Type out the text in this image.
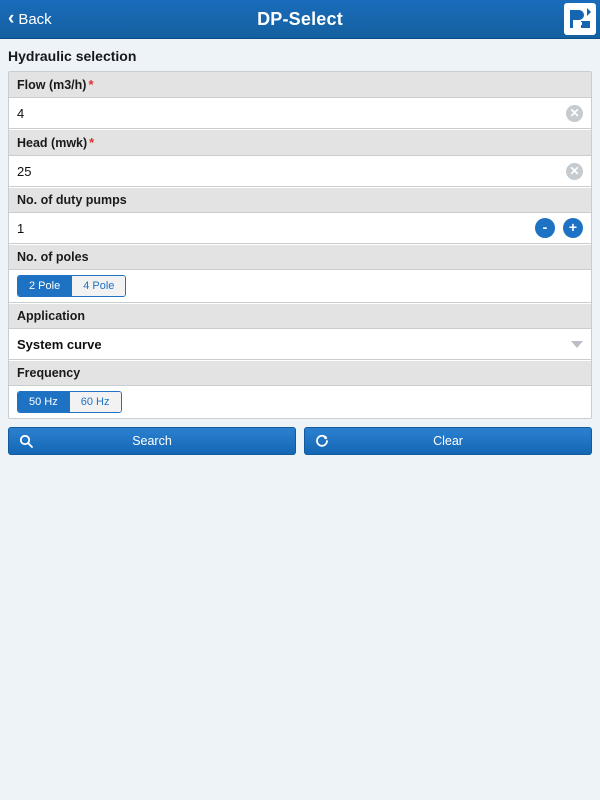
‹ Back	DP-Select
Hydraulic selection
Flow (m3/h) *
4
✕
Head (mwk) *
25
✕
No. of duty pumps
1
-	+
No. of poles
2 Pole	4 Pole
Application
System curve
Frequency
50 Hz	60 Hz
Search	Clear
